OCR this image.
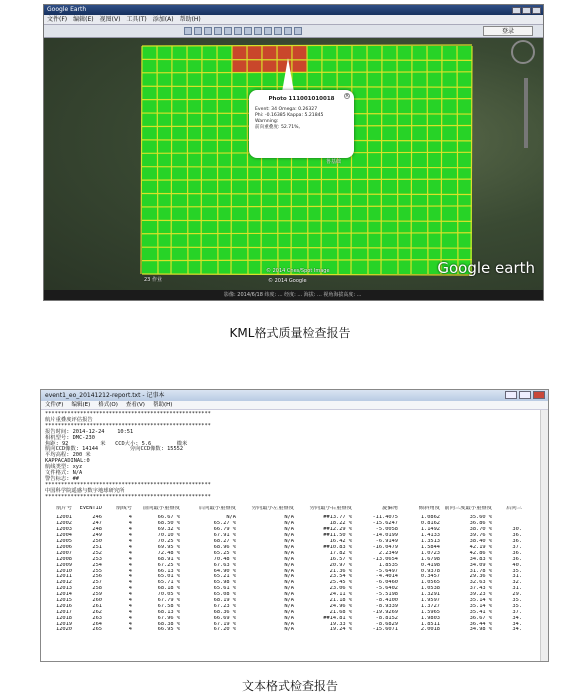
Google Earth
文件(F) 编辑(E) 视图(V) 工具(T) 添加(A) 帮助(H)
登录
×
Photo 111001010018
Event: 34 Omega: 0.26327
Phi: -0.16385 Kappa: 5.21845
Warnning:
前向重叠度: 52.71%,
鲁基础
© 2014 Cnes/Spot Image
© 2014 Google
23 作业
Google earth
影像: 2014/6/18 纬度: ... 经度: ... 海拔: ... 视角海拔高度: ...
KML格式质量检查报告
event1_eo_20141212-report.txt - 记事本
文件(F) 编辑(E) 格式(O) 查看(V) 帮助(H)
****************************************************
航片重叠度评估报告
****************************************************
报告时间: 2014-12-24    10:51
相机型号: DMC-230
焦距: 92          米   CCD大小: 5.6        微米
航向CCD像数: 14144          旁向CCD像数: 15552
平均高程: 200 米
KAPPACADINAL:0
航线类型: xyz
文件格式: N/A
警告标志: ##
****************************************************
中国科学院遥感与数字地球研究所
****************************************************
航片号	EVENTID	航线号	前向最小重叠度	后向最小重叠度	旁向最小左重叠度	旁向最小右重叠度	旋偏角	倾斜角度 前向三度最小重叠度	后向三
12001	246	4	66.67 %	N/A	N/A	##13.77 %	-11.4075	1.0862	35.60 %
12002	247	4	68.50 %	65.27 %	N/A	18.22 %	-15.6247	0.8162	36.86 %
12003	248	4	69.32 %	66.79 %	N/A	##12.29 %	-5.0058	1.1492	38.70 %	30.
12004	249	4	70.10 %	67.91 %	N/A	##11.50 %	-14.0199	1.4133	39.76 %	36.
12005	250	4	70.25 %	68.27 %	N/A	16.42 %	-6.9149	1.3513	38.40 %	36.
12006	251	4	69.95 %	68.96 %	N/A	##10.83 %	-16.0479	1.5844	42.19 %	37.
12007	252	4	72.48 %	65.25 %	N/A	17.82 %	2.2349	1.0723	42.86 %	36.
12008	253	4	68.91 %	70.48 %	N/A	16.57 %	-13.0654	1.6798	34.83 %	36.
12009	254	4	67.25 %	67.63 %	N/A	20.97 %	1.8535	0.4198	34.09 %	40.
12010	255	4	66.13 %	64.90 %	N/A	21.36 %	-5.6497	0.9378	31.78 %	35.
12011	256	4	65.01 %	65.21 %	N/A	23.54 %	-4.4014	0.3457	29.36 %	31.
12012	257	4	65.71 %	65.98 %	N/A	25.45 %	-6.0460	1.0565	32.63 %	32.
12013	258	4	68.18 %	65.61 %	N/A	23.06 %	-5.6402	1.0538	37.43 %	31.
12014	259	4	70.05 %	65.08 %	N/A	24.11 %	-5.5198	1.3291	39.23 %	29.
12015	260	4	67.79 %	68.19 %	N/A	21.18 %	-8.4100	1.9597	35.14 %	35.
12016	261	4	67.58 %	67.23 %	N/A	24.96 %	-8.9339	1.3727	35.14 %	35.
12017	262	4	68.13 %	68.36 %	N/A	21.68 %	-19.9269	1.5965	35.41 %	37.
12018	263	4	67.96 %	66.69 %	N/A	##14.81 %	-8.8152	1.9803	36.67 %	34.
12019	264	4	68.38 %	67.19 %	N/A	19.33 %	-8.6829	1.8511	36.44 %	34.
12020	265	4	66.95 %	67.20 %	N/A	19.24 %	-15.6071	2.0018	34.98 %	34.
文本格式检查报告
